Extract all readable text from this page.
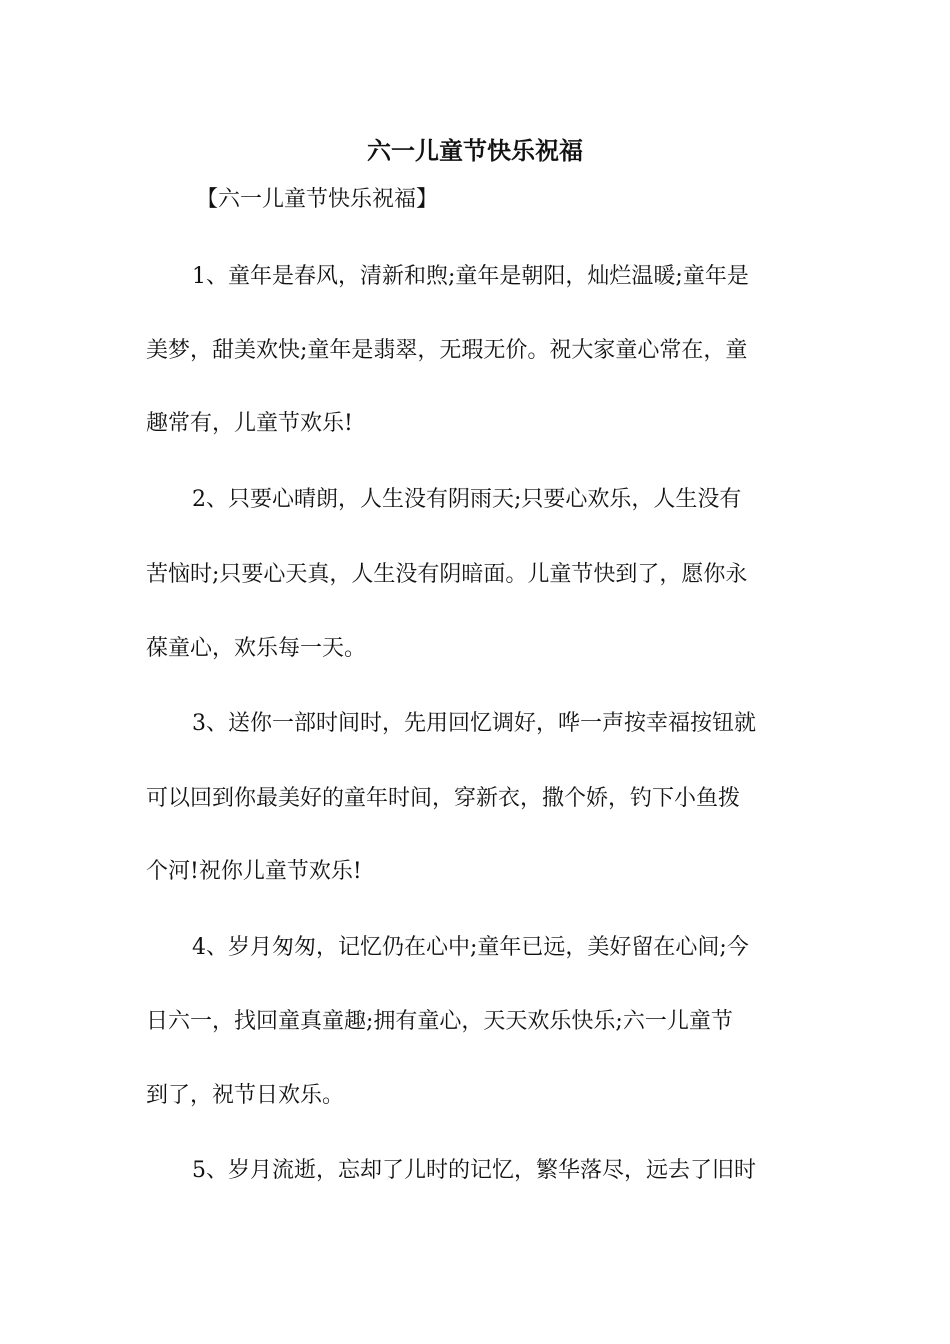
六一儿童节快乐祝福

【六一儿童节快乐祝福】

1、童年是春风，清新和煦;童年是朝阳，灿烂温暖;童年是

美梦，甜美欢快;童年是翡翠，无瑕无价。祝大家童心常在，童

趣常有，儿童节欢乐!

2、只要心晴朗，人生没有阴雨天;只要心欢乐，人生没有

苦恼时;只要心天真，人生没有阴暗面。儿童节快到了，愿你永

葆童心，欢乐每一天。

3、送你一部时间时，先用回忆调好，哗一声按幸福按钮就

可以回到你最美好的童年时间，穿新衣，撒个娇，钓下小鱼拨

个河!祝你儿童节欢乐!

4、岁月匆匆，记忆仍在心中;童年已远，美好留在心间;今

日六一，找回童真童趣;拥有童心，天天欢乐快乐;六一儿童节

到了，祝节日欢乐。

5、岁月流逝，忘却了儿时的记忆，繁华落尽，远去了旧时
